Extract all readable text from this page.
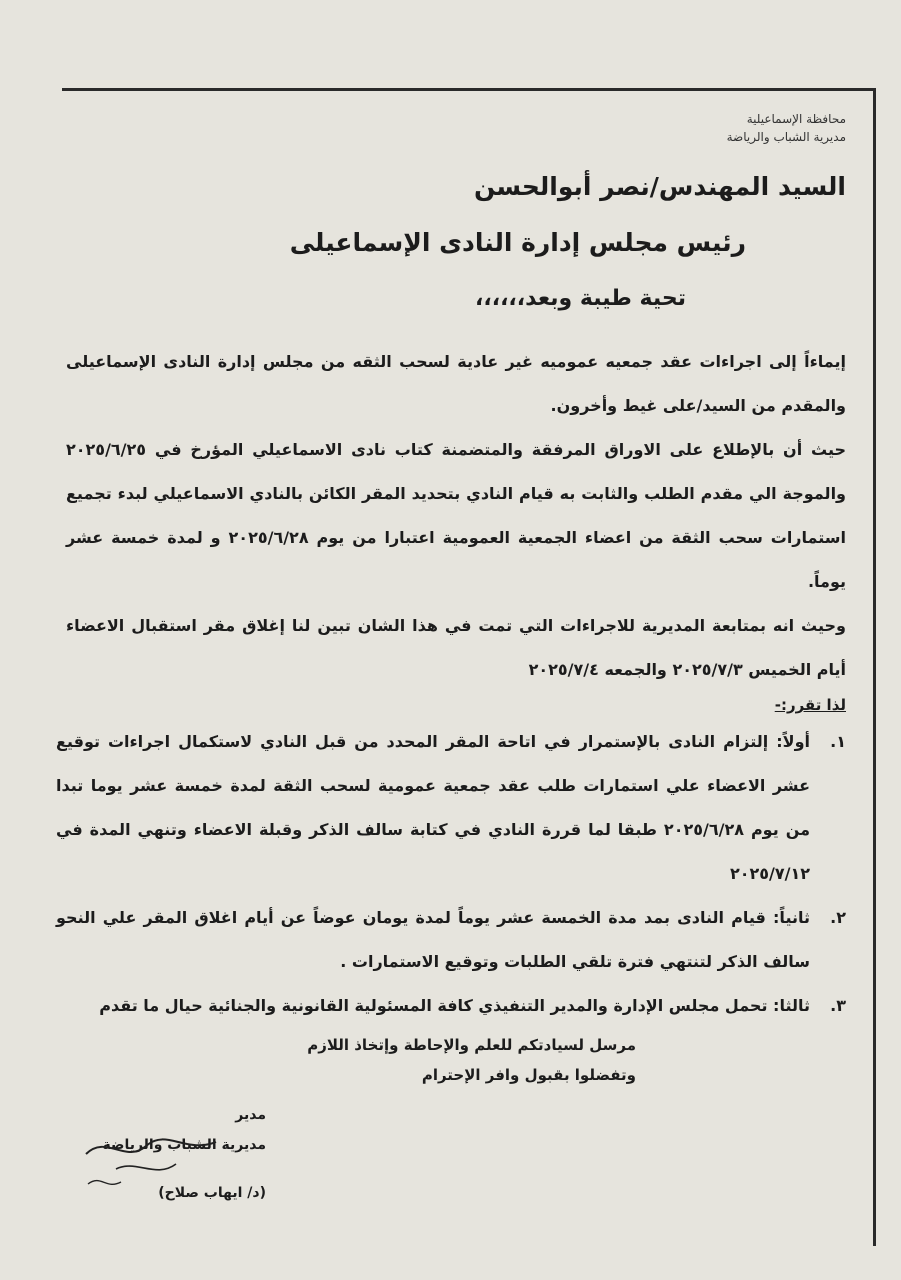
محافظة الإسماعيلية
مديرية الشباب والرياضة
السيد المهندس/نصر أبوالحسن
رئيس مجلس إدارة النادى الإسماعيلى
تحية طيبة وبعد،،،،،،

إيماءاً إلى اجراءات عقد جمعيه عموميه غير عادية لسحب الثقه من مجلس إدارة النادى الإسماعيلى والمقدم من السيد/على غيط وأخرون.

حيث أن بالإطلاع على الاوراق المرفقة والمتضمنة كتاب نادى الاسماعيلي المؤرخ في ٢٠٢٥/٦/٢٥ والموجة الي مقدم الطلب والثابت به قيام النادي بتحديد المقر الكائن بالنادي الاسماعيلي لبدء تجميع استمارات سحب الثقة من اعضاء الجمعية العمومية اعتبارا من يوم ٢٠٢٥/٦/٢٨ و لمدة خمسة عشر يوماً.

وحيث انه بمتابعة المديرية للاجراءات التي تمت في هذا الشان تبين لنا إغلاق مقر استقبال الاعضاء أيام الخميس ٢٠٢٥/٧/٣ والجمعه ٢٠٢٥/٧/٤

لذا تقرر:-
١.
أولاً: إلتزام النادى بالإستمرار في اتاحة المقر المحدد من قبل النادي لاستكمال اجراءات توقيع عشر الاعضاء علي استمارات طلب عقد جمعية عمومية لسحب الثقة لمدة خمسة عشر يوما تبدا من يوم ٢٠٢٥/٦/٢٨ طبقا لما قررة النادي في كتابة سالف الذكر وقبلة الاعضاء وتنهي المدة في ٢٠٢٥/٧/١٢
٢.
ثانياً: قيام النادى بمد مدة الخمسة عشر يوماً لمدة يومان عوضاً عن أيام اغلاق المقر علي النحو سالف الذكر لتنتهي فترة تلقي الطلبات وتوقيع الاستمارات .
٣.
ثالثا: تحمل مجلس الإدارة والمدير التنفيذي كافة المسئولية القانونية والجنائية حيال ما تقدم
مرسل لسيادتكم للعلم والإحاطة وإتخاذ اللازم
وتفضلوا بقبول وافر الإحترام
مدير
مديرية الشباب والرياضة
(د/ ايهاب صلاح)
